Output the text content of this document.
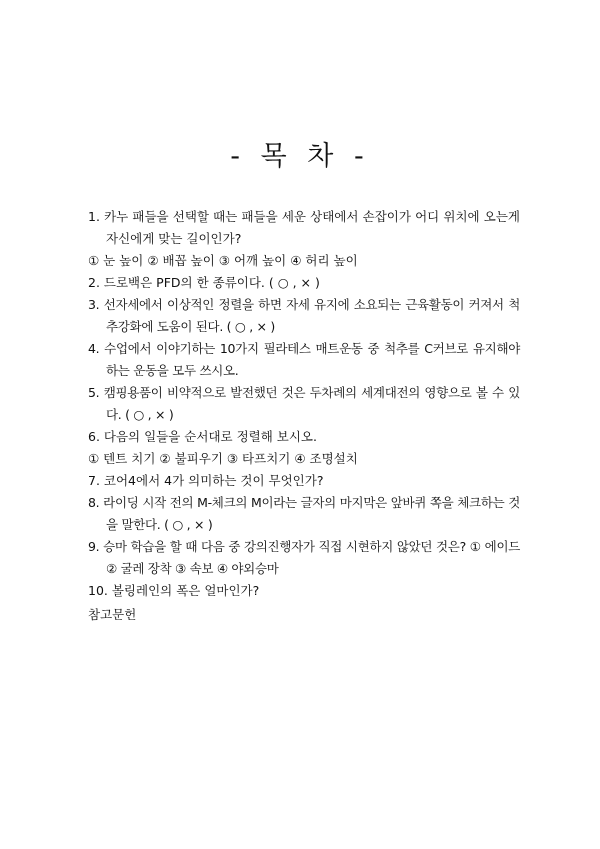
- 목 차 -
1. 카누 패들을 선택할 때는 패들을 세운 상태에서 손잡이가 어디 위치에 오는게 자신에게 맞는 길이인가?
① 눈 높이 ② 배꼽 높이 ③ 어깨 높이 ④ 허리 높이
2. 드로백은 PFD의 한 종류이다. ( ○ , × )
3. 선자세에서 이상적인 정렬을 하면 자세 유지에 소요되는 근육활동이 커져서 척추강화에 도움이 된다. ( ○ , × )
4. 수업에서 이야기하는 10가지 필라테스 매트운동 중 척추를 C커브로 유지해야하는 운동을 모두 쓰시오.
5. 캠핑용품이 비약적으로 발전했던 것은 두차례의 세계대전의 영향으로 볼 수 있다. ( ○ , × )
6. 다음의 일들을 순서대로 정렬해 보시오.
① 텐트 치기 ② 불피우기 ③ 타프치기 ④ 조명설치
7. 코어4에서 4가 의미하는 것이 무엇인가?
8. 라이딩 시작 전의 M-체크의 M이라는 글자의 마지막은 앞바퀴 쪽을 체크하는 것을 말한다. ( ○ , × )
9. 승마 학습을 할 때 다음 중 강의진행자가 직접 시현하지 않았던 것은? ① 에이드 ② 굴레 장착 ③ 속보 ④ 야외승마
10. 볼링레인의 폭은 얼마인가?
참고문헌
